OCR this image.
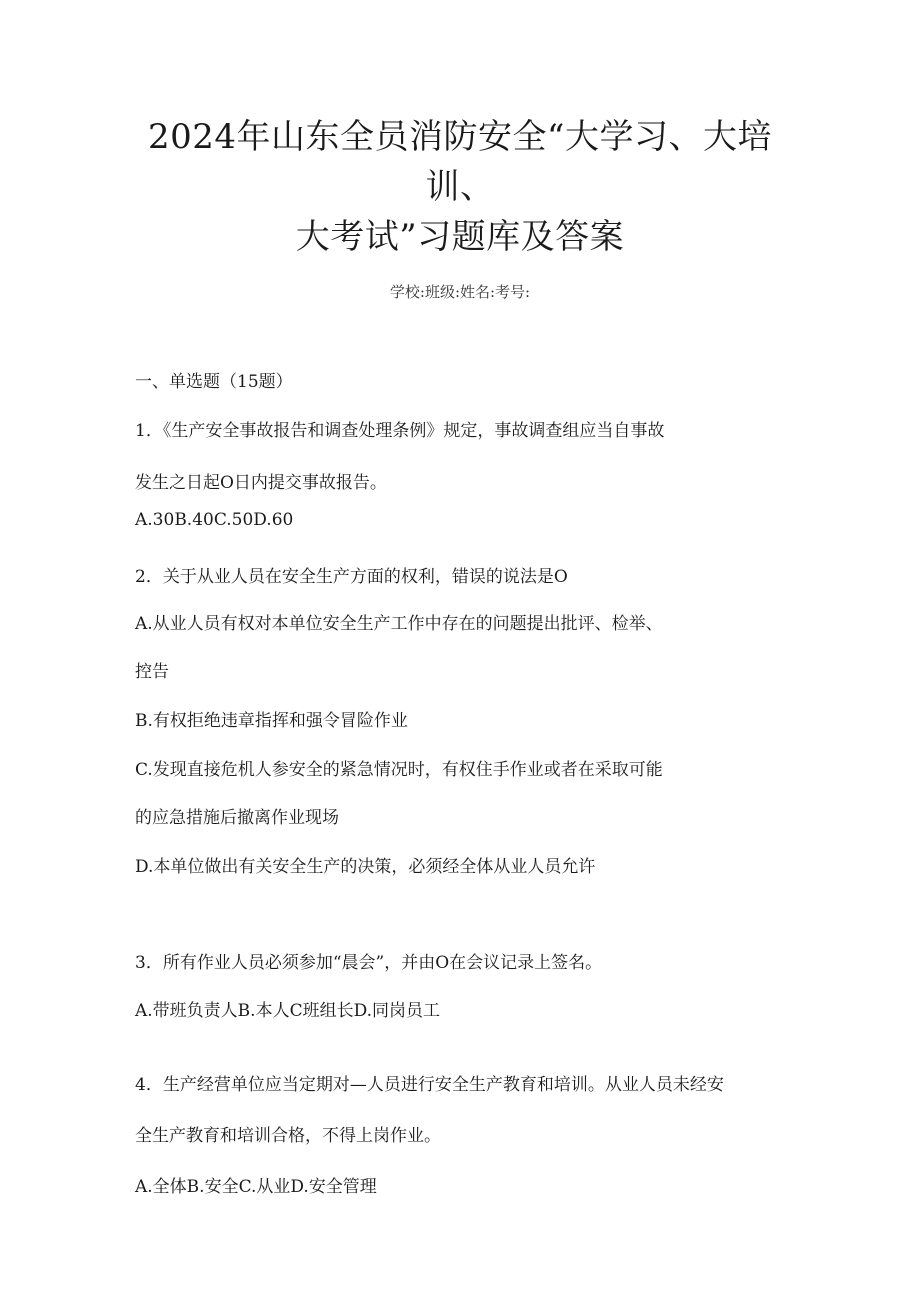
2024年山东全员消防安全“大学习、大培
训、
大考试”习题库及答案
学校:班级:姓名:考号:
一、单选题（15题）
1．《生产安全事故报告和调查处理条例》规定，事故调查组应当自事故
发生之日起O日内提交事故报告。
A.30B.40C.50D.60
2．关于从业人员在安全生产方面的权利，错误的说法是O
A.从业人员有权对本单位安全生产工作中存在的问题提出批评、检举、
控告
B.有权拒绝违章指挥和强令冒险作业
C.发现直接危机人参安全的紧急情况时，有权住手作业或者在采取可能
的应急措施后撤离作业现场
D.本单位做出有关安全生产的决策，必须经全体从业人员允许
3．所有作业人员必须参加“晨会”，并由O在会议记录上签名。
A.带班负责人B.本人C班组长D.同岗员工
4．生产经营单位应当定期对—人员进行安全生产教育和培训。从业人员未经安
全生产教育和培训合格，不得上岗作业。
A.全体B.安全C.从业D.安全管理
